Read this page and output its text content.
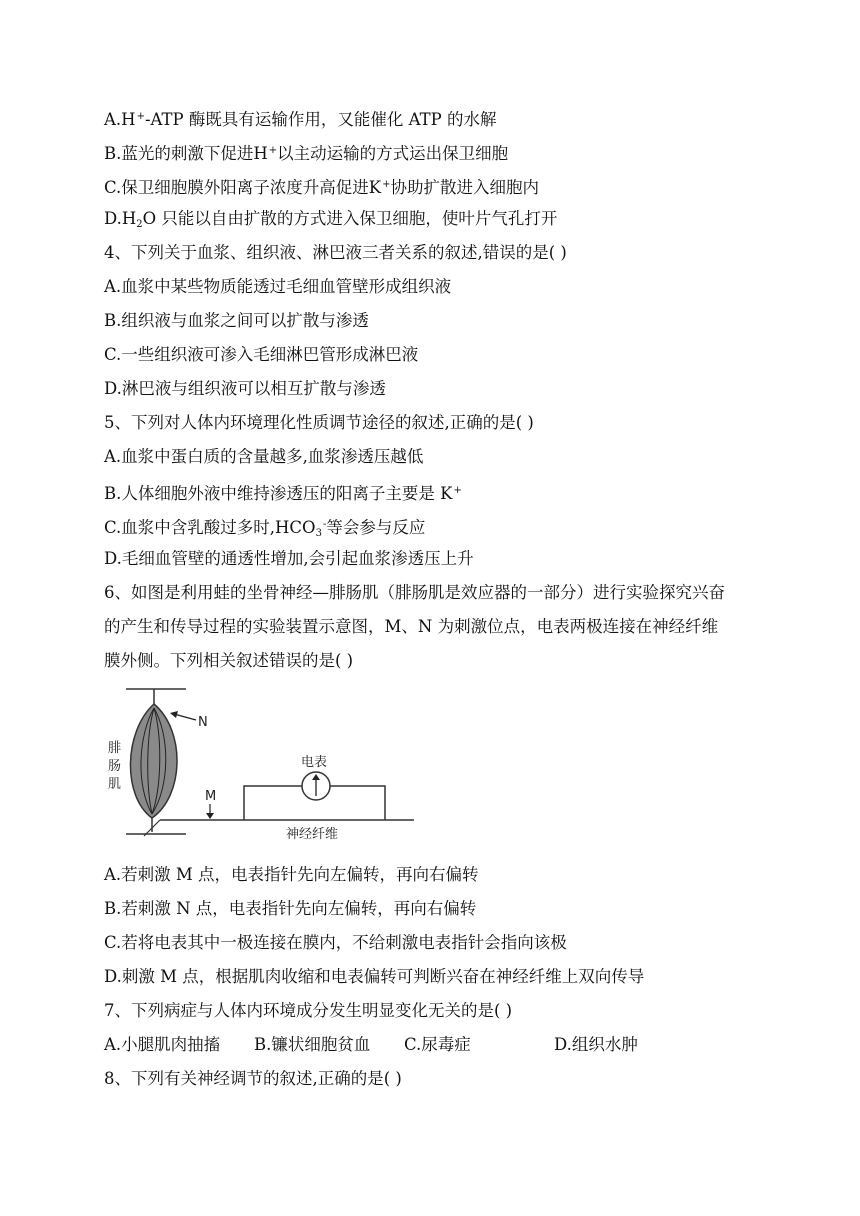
A.H+-ATP 酶既具有运输作用，又能催化 ATP 的水解
B.蓝光的刺激下促进H+以主动运输的方式运出保卫细胞
C.保卫细胞膜外阳离子浓度升高促进K+协助扩散进入细胞内
$D.H_2O$ 只能以自由扩散的方式进入保卫细胞，使叶片气孔打开
4、下列关于血浆、组织液、淋巴液三者关系的叙述,错误的是( )
A.血浆中某些物质能透过毛细血管壁形成组织液
B.组织液与血浆之间可以扩散与渗透
C.一些组织液可渗入毛细淋巴管形成淋巴液
D.淋巴液与组织液可以相互扩散与渗透
5、下列对人体内环境理化性质调节途径的叙述,正确的是( )
A.血浆中蛋白质的含量越多,血浆渗透压越低
B.人体细胞外液中维持渗透压的阳离子主要是 K+
C.血浆中含乳酸过多时$,HCO_3^-$等会参与反应
D.毛细血管壁的通透性增加,会引起血浆渗透压上升
6、如图是利用蛙的坐骨神经—腓肠肌（腓肠肌是效应器的一部分）进行实验探究兴奋
的产生和传导过程的实验装置示意图，M、N 为刺激位点，电表两极连接在神经纤维
膜外侧。下列相关叙述错误的是( )
N
腓
肠
肌
M
电表
神经纤维
A.若刺激 M 点，电表指针先向左偏转，再向右偏转
B.若刺激 N 点，电表指针先向左偏转，再向右偏转
C.若将电表其中一极连接在膜内，不给刺激电表指针会指向该极
D.刺激 M 点，根据肌肉收缩和电表偏转可判断兴奋在神经纤维上双向传导
7、下列病症与人体内环境成分发生明显变化无关的是( )
A.小腿肌肉抽搐 B.镰状细胞贫血 C.尿毒症	D.组织水肿
8、下列有关神经调节的叙述,正确的是( )
